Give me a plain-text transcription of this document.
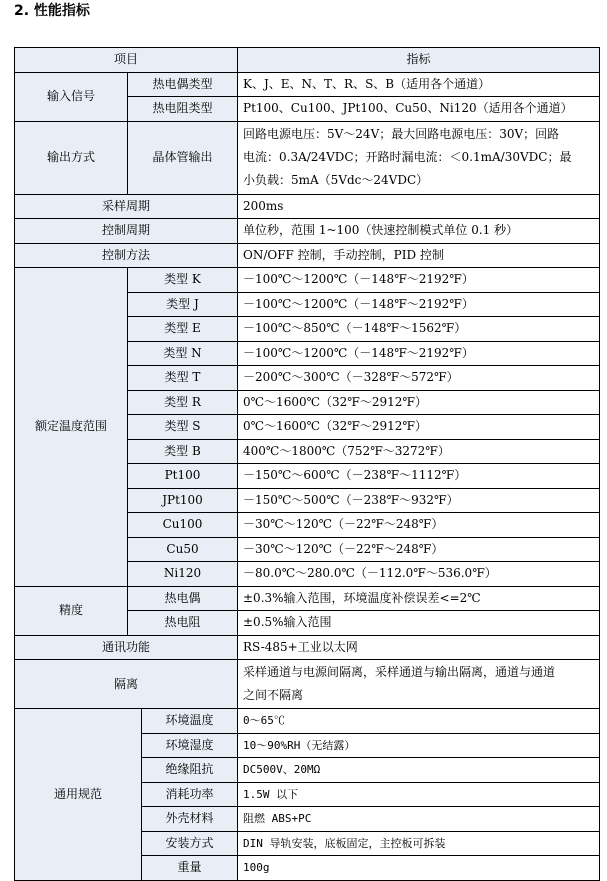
2. 性能指标
项目			指标
输入信号	热电偶类型		K、J、E、N、T、R、S、B（适用各个通道）
	热电阻类型		Pt100、Cu100、JPt100、Cu50、Ni120（适用各个通道）
输出方式	晶体管输出		回路电源电压：5V～24V；最大回路电源电压：30V；回路
电流：0.3A/24VDC；开路时漏电流：＜0.1mA/30VDC；最
小负载：5mA（5Vdc～24VDC）

采样周期			200ms
控制周期			单位秒，范围 1~100（快速控制模式单位 0.1 秒）
控制方法			ON/OFF 控制，手动控制，PID 控制
额定温度范围	类型 K		－100℃～1200℃（－148℉～2192℉）
	类型 J		－100℃～1200℃（－148℉～2192℉）
	类型 E		－100℃～850℃（－148℉～1562℉）
	类型 N		－100℃～1200℃（－148℉～2192℉）
	类型 T		－200℃～300℃（－328℉～572℉）
	类型 R		0℃～1600℃（32℉～2912℉）
	类型 S		0℃～1600℃（32℉～2912℉）
	类型 B		400℃～1800℃（752℉～3272℉）
	Pt100		－150℃～600℃（－238℉～1112℉）
	JPt100		－150℃～500℃（－238℉～932℉）
	Cu100		－30℃～120℃（－22℉～248℉）
	Cu50		－30℃～120℃（－22℉～248℉）
	Ni120		－80.0℃～280.0℃（－112.0℉～536.0℉）
精度	热电偶		±0.3%输入范围，环境温度补偿误差<=2℃
	热电阻		±0.5%输入范围
通讯功能			RS-485+工业以太网
隔离			采样通道与电源间隔离，采样通道与输出隔离，通道与通道
之间不隔离

通用规范		环境温度	0～65℃
		环境湿度	10～90%RH（无结露）
		绝缘阻抗	DC500V、20MΩ
		消耗功率	1.5W 以下
		外壳材料	阻燃 ABS+PC
		安装方式	DIN 导轨安装，底板固定，主控板可拆装
		重量	100g
